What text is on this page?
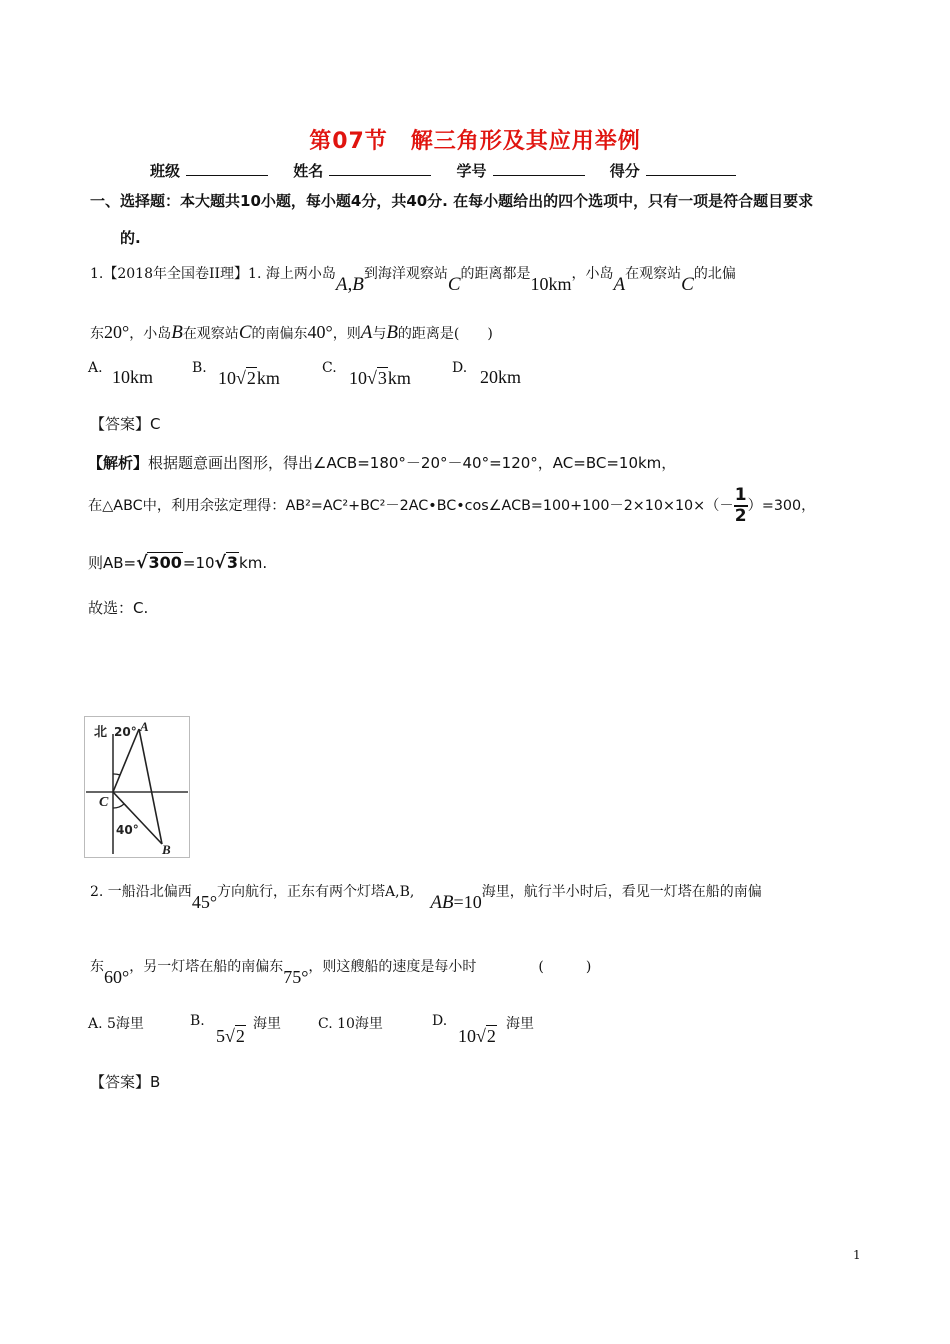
第07节　解三角形及其应用举例
班级	姓名	学号	得分
一、选择题：本大题共10小题，每小题4分，共40分. 在每小题给出的四个选项中，只有一项是符合题目要求
的.
1.【2018年全国卷II理】1. 海上两小岛A,B到海洋观察站C的距离都是10km，小岛A在观察站C的北偏
东20°，小岛B在观察站C的南偏东40°，则A与B的距离是(　　)
A. 10km	B. 10√2km	C. 10√3km	D. 20km
【答案】C
【解析】根据题意画出图形，得出∠ACB=180°－20°－40°=120°，AC=BC=10km，
在△ABC中，利用余弦定理得：AB²=AC²+BC²－2AC•BC•cos∠ACB=100+100－2×10×10×（－ $\frac{1}{2} )=300$，
则AB=√300=10√3km.
故选：C.
北 20° A
C
40°
B
2. 一船沿北偏西45°方向航行，正东有两个灯塔A,B, AB=10海里，航行半小时后，看见一灯塔在船的南偏
东60°，另一灯塔在船的南偏东75°，则这艘船的速度是每小时	(　　　)
A. 5海里	B.
5√2
海里	C. 10海里	D.
10√2
海里
【答案】B
1
